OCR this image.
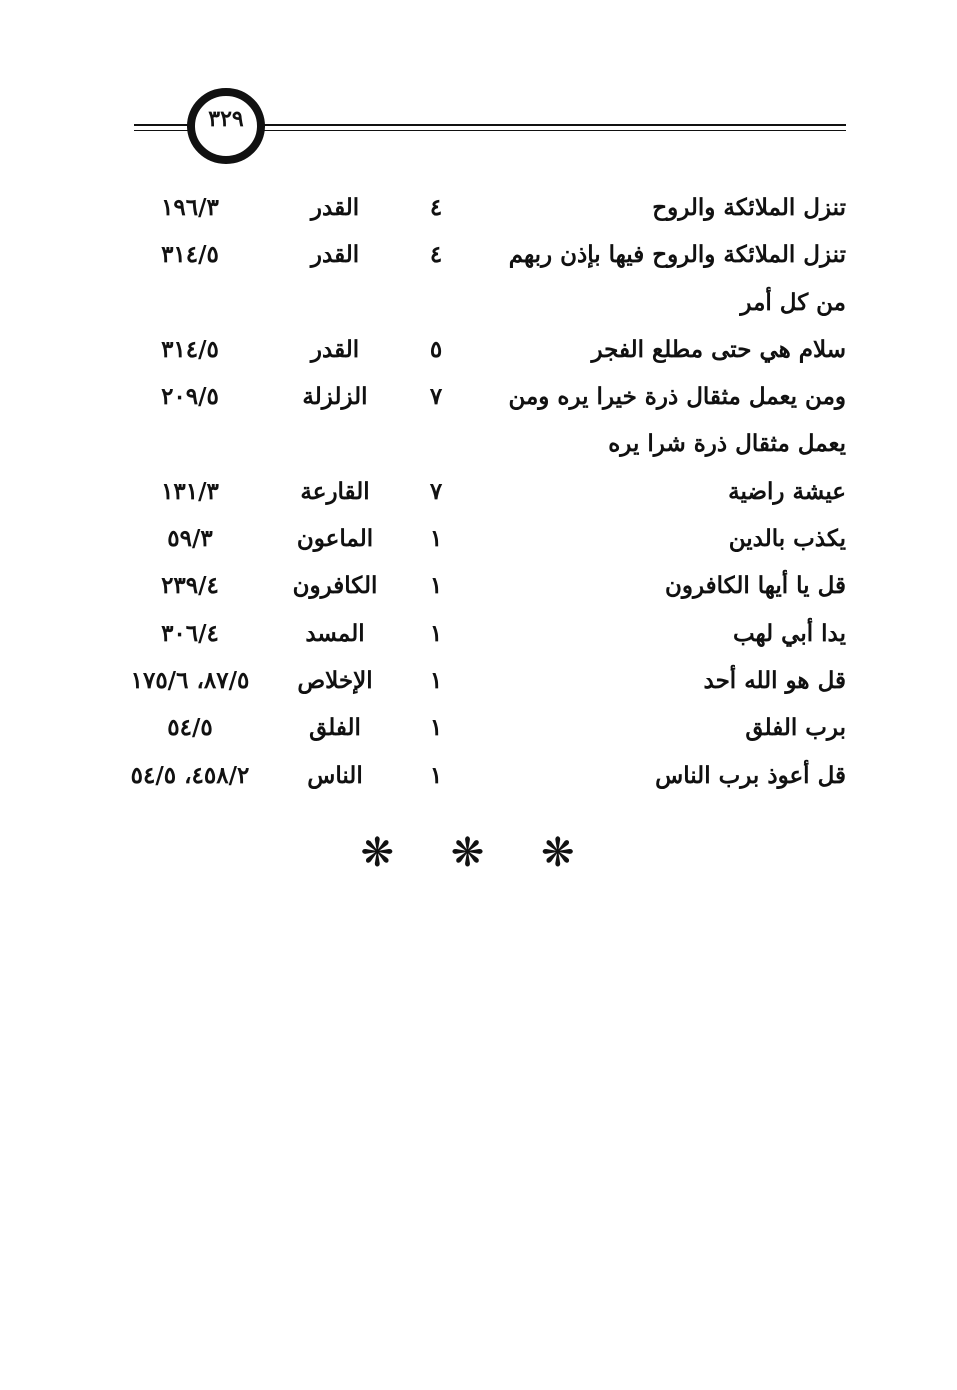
٣٢٩
تنزل الملائكة والروح
٤
القدر
١٩٦/٣
تنزل الملائكة والروح فيها بإذن ربهم
٤
القدر
٣١٤/٥
من كل أمر
سلام هي حتى مطلع الفجر
٥
القدر
٣١٤/٥
ومن يعمل مثقال ذرة خيرا يره ومن
٧
الزلزلة
٢٠٩/٥
يعمل مثقال ذرة شرا يره
عيشة راضية
٧
القارعة
١٣١/٣
يكذب بالدين
١
الماعون
٥٩/٣
قل يا أيها الكافرون
١
الكافرون
٢٣٩/٤
يدا أبي لهب
١
المسد
٣٠٦/٤
قل هو الله أحد
١
الإخلاص
٨٧/٥، ١٧٥/٦
برب الفلق
١
الفلق
٥٤/٥
قل أعوذ برب الناس
١
الناس
٤٥٨/٢، ٥٤/٥
❋ ❋ ❋
